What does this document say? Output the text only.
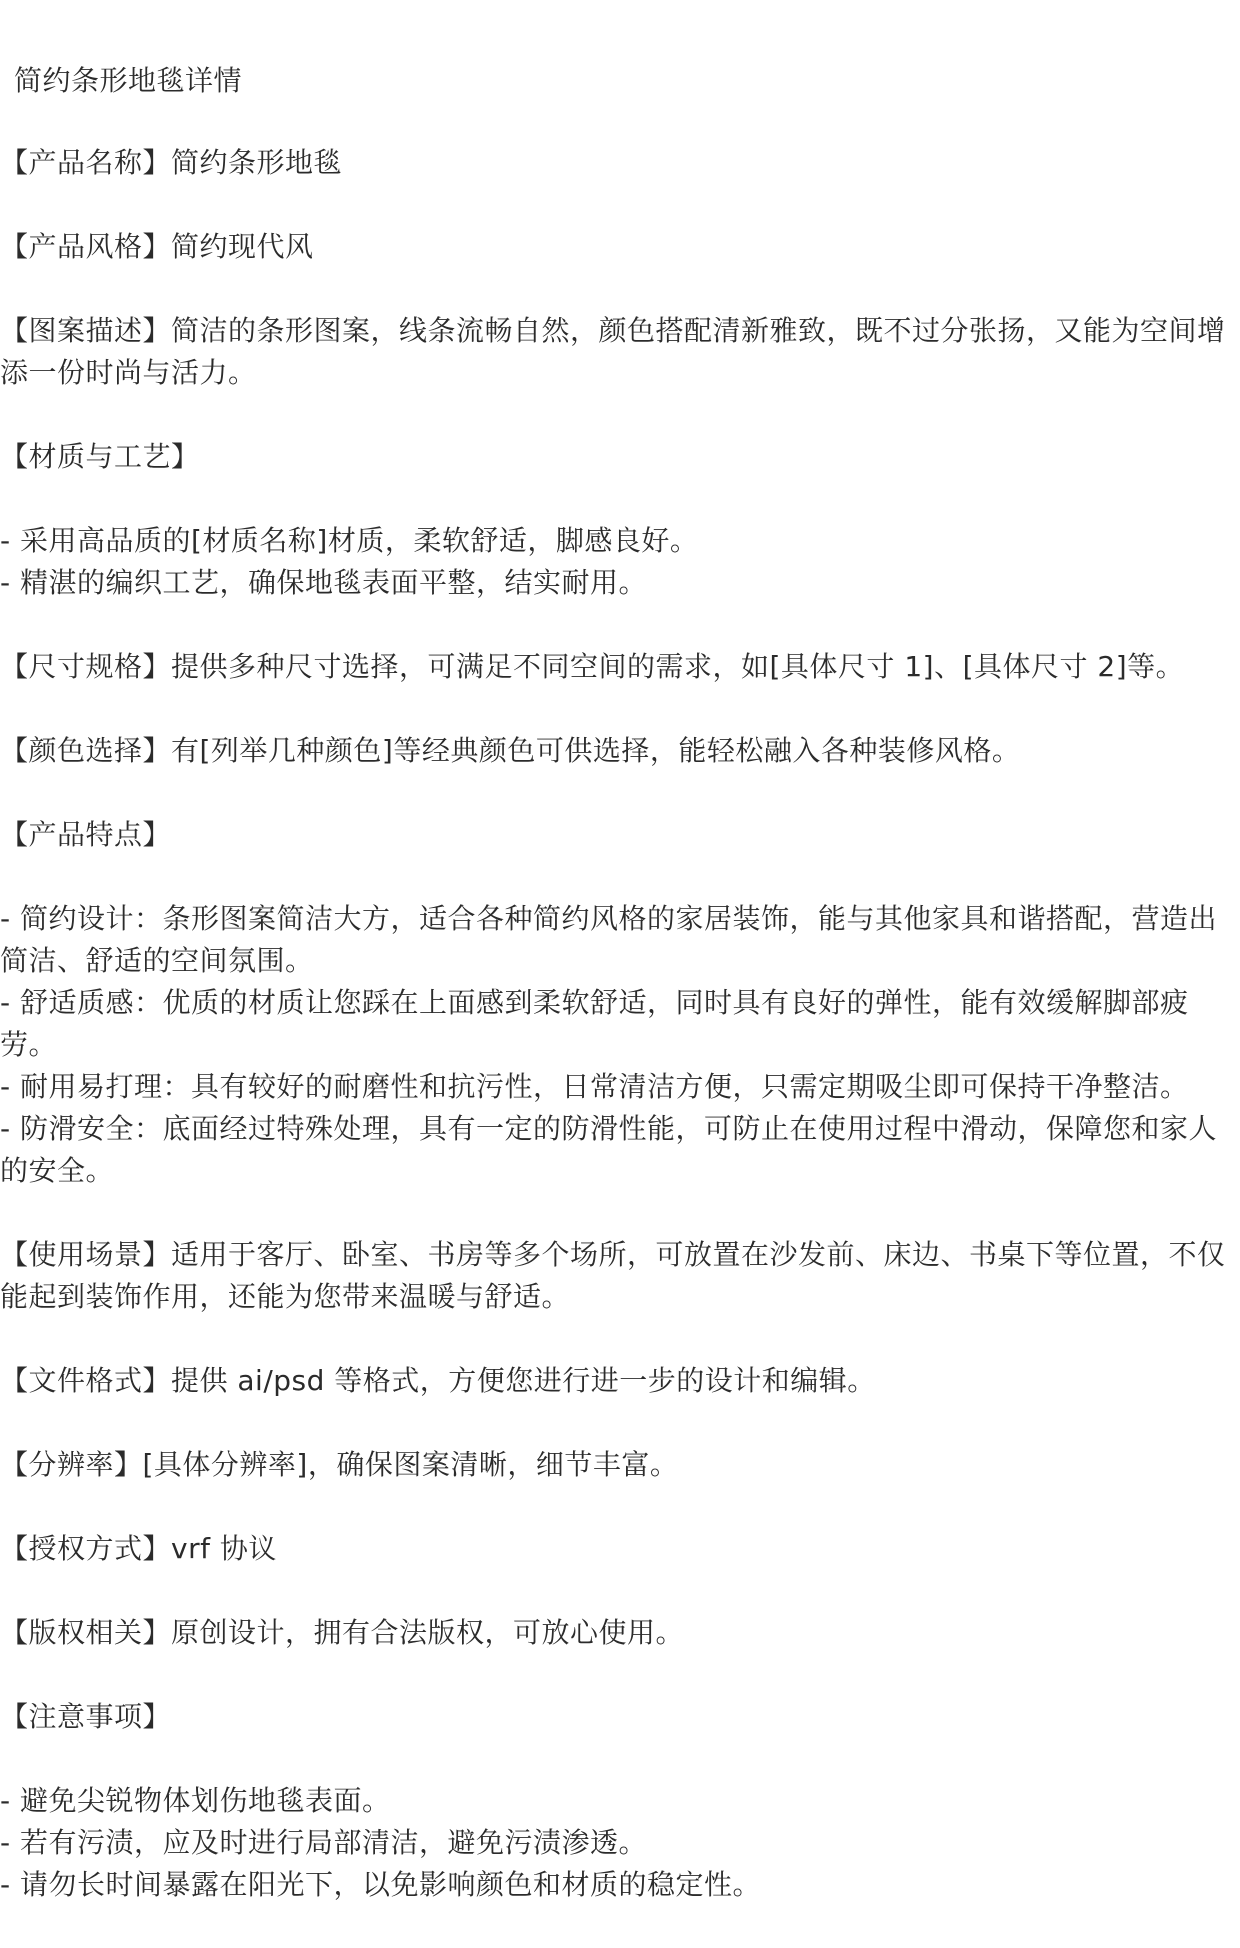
简约条形地毯详情

【产品名称】简约条形地毯

【产品风格】简约现代风

【图案描述】简洁的条形图案，线条流畅自然，颜色搭配清新雅致，既不过分张扬，又能为空间增添一份时尚与活力。

【材质与工艺】

- 采用高品质的[材质名称]材质，柔软舒适，脚感良好。
- 精湛的编织工艺，确保地毯表面平整，结实耐用。

【尺寸规格】提供多种尺寸选择，可满足不同空间的需求，如[具体尺寸 1]、[具体尺寸 2]等。

【颜色选择】有[列举几种颜色]等经典颜色可供选择，能轻松融入各种装修风格。

【产品特点】

- 简约设计：条形图案简洁大方，适合各种简约风格的家居装饰，能与其他家具和谐搭配，营造出简洁、舒适的空间氛围。
- 舒适质感：优质的材质让您踩在上面感到柔软舒适，同时具有良好的弹性，能有效缓解脚部疲劳。
- 耐用易打理：具有较好的耐磨性和抗污性，日常清洁方便，只需定期吸尘即可保持干净整洁。
- 防滑安全：底面经过特殊处理，具有一定的防滑性能，可防止在使用过程中滑动，保障您和家人的安全。

【使用场景】适用于客厅、卧室、书房等多个场所，可放置在沙发前、床边、书桌下等位置，不仅能起到装饰作用，还能为您带来温暖与舒适。

【文件格式】提供 ai/psd 等格式，方便您进行进一步的设计和编辑。

【分辨率】[具体分辨率]，确保图案清晰，细节丰富。

【授权方式】vrf 协议

【版权相关】原创设计，拥有合法版权，可放心使用。

【注意事项】

- 避免尖锐物体划伤地毯表面。
- 若有污渍，应及时进行局部清洁，避免污渍渗透。
- 请勿长时间暴露在阳光下，以免影响颜色和材质的稳定性。
